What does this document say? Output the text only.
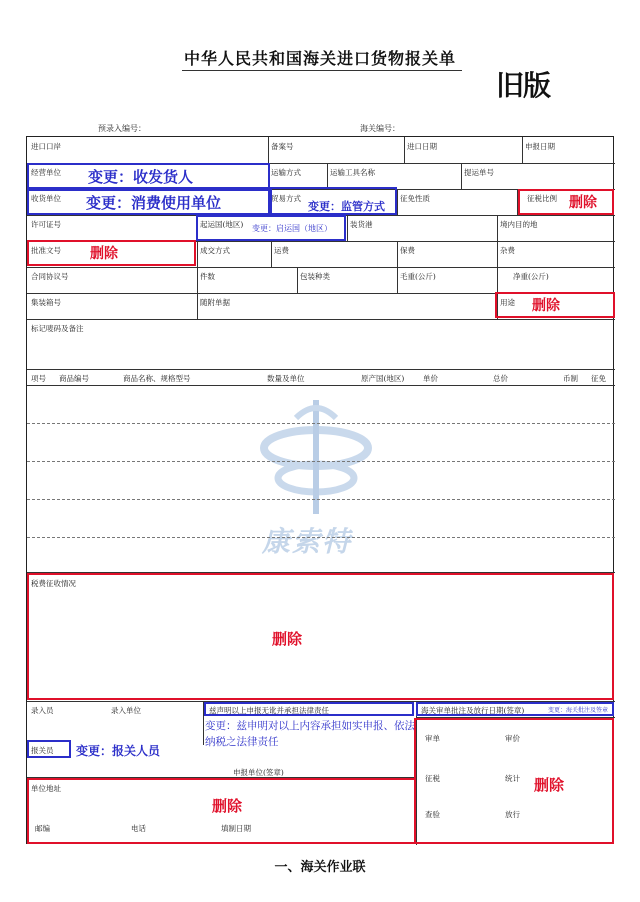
中华人民共和国海关进口货物报关单
旧版
预录入编号：	海关编号：
康索特
进口口岸	备案号	进口日期	申报日期
经营单位	运输方式	运输工具名称	提运单号
收货单位	贸易方式	征免性质	征税比例
许可证号	起运国(地区)	装货港	境内目的地
批准文号	成交方式	运费	保费	杂费
合同协议号	件数	包装种类	毛重(公斤)	净重(公斤)
集装箱号	随附单据	用途
标记唛码及备注
项号 商品编号	商品名称、规格型号	数量及单位	原产国(地区) 单价	总价	币制 征免
税费征收情况
录入员	录入单位	兹声明以上申报无讹并承担法律责任	海关审单批注及放行日期(签章)
报关员
申报单位(签章)
单位地址
邮编	电话	填制日期
审单	审价
征税	统计
查验	放行
变更：收发货人
变更：消费使用单位	变更：监管方式	删除
变更：启运国（地区）
删除
删除
删除
变更：兹申明对以上内容承担如实申报、依法纳税之法律责任
变更：海关批注及签章
变更：报关人员
删除
删除
一、海关作业联
